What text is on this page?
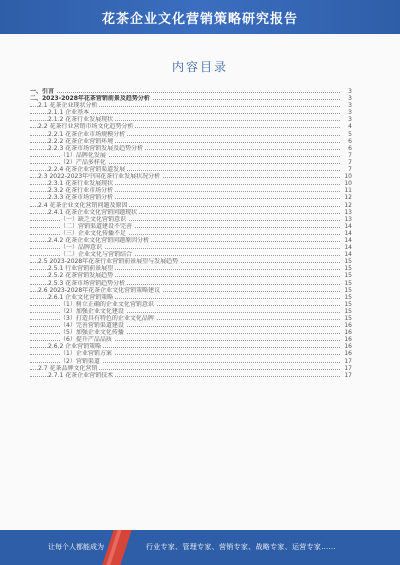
花茶企业文化营销策略研究报告
内容目录
一、引言	3
二、2023-2028年花茶营销前景及趋势分析	3
2.1 花茶企业现状分析	3
2.1.1 企业基本	3
2.1.2 花茶行业发展现状	3
2.2 花茶行业营销市场文化趋势分析	4
2.2.1 花茶企业市场规模分析	5
2.2.2 花茶企业营销环境	6
2.2.3 花茶市场营销发展及趋势分析	6
（1）品牌化发展	7
（2）产品多样化	7
2.2.4 花茶企业营销渠道发展	7
2.3 2022-2023年中国花茶行业发展状况分析	10
2.3.1 花茶行业发展现状	10
2.3.2 花茶行业市场分析	11
2.3.3 花茶市场营销分析	12
2.4 花茶企业文化营销问题及原因	12
2.4.1 花茶企业文化营销问题现状	13
（一）缺乏文化营销意识	13
（二）营销渠道建设不完善	14
（三）企业文化传播不足	14
2.4.2 花茶企业文化营销问题原因分析	14
（一）品牌意识	14
（二）企业文化与营销结合	14
2.5 2023-2028年花茶行业营销前景展望与发展趋势	15
2.5.1 行业营销前景展望	15
2.5.2 花茶营销发展趋势	15
2.5.3 花茶市场营销趋势分析	15
2.6 2023-2028年花茶企业文化营销策略建议	15
2.6.1 企业文化营销策略	15
（1）树立正确的企业文化营销意识	15
（2）加强企业文化建设	15
（3）打造具有特色的企业文化品牌	15
（4）完善营销渠道建设	16
（5）加强企业文化传播	16
（6）提升产品品质	16
2.6.2 企业营销策略	16
（1）企业营销方案	16
（2）营销渠道	17
2.7 花茶品牌文化营销	17
2.7.1 花茶企业营销技术	17
让每个人都能成为	行业专家、管理专家、营销专家、战略专家、运营专家……
